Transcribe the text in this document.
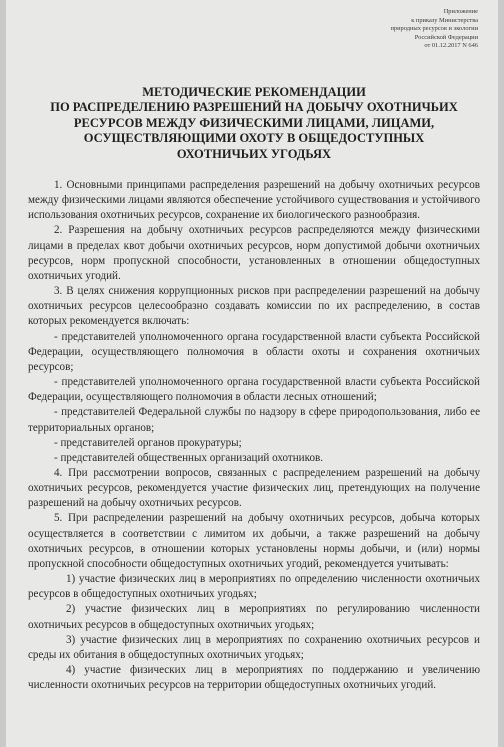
Приложение
к приказу Министерства
природных ресурсов и экологии
Российской Федерации
от 01.12.2017 N 646
МЕТОДИЧЕСКИЕ РЕКОМЕНДАЦИИ
ПО РАСПРЕДЕЛЕНИЮ РАЗРЕШЕНИЙ НА ДОБЫЧУ ОХОТНИЧЬИХ
РЕСУРСОВ МЕЖДУ ФИЗИЧЕСКИМИ ЛИЦАМИ, ЛИЦАМИ,
ОСУЩЕСТВЛЯЮЩИМИ ОХОТУ В ОБЩЕДОСТУПНЫХ
ОХОТНИЧЬИХ УГОДЬЯХ

1. Основными принципами распределения разрешений на добычу охотничьих ресурсов между физическими лицами являются обеспечение устойчивого существования и устойчивого использования охотничьих ресурсов, сохранение их биологического разнообразия.

2. Разрешения на добычу охотничьих ресурсов распределяются между физическими лицами в пределах квот добычи охотничьих ресурсов, норм допустимой добычи охотничьих ресурсов, норм пропускной способности, установленных в отношении общедоступных охотничьих угодий.

3. В целях снижения коррупционных рисков при распределении разрешений на добычу охотничьих ресурсов целесообразно создавать комиссии по их распределению, в состав которых рекомендуется включать:

- представителей уполномоченного органа государственной власти субъекта Российской Федерации, осуществляющего полномочия в области охоты и сохранения охотничьих ресурсов;

- представителей уполномоченного органа государственной власти субъекта Российской Федерации, осуществляющего полномочия в области лесных отношений;

- представителей Федеральной службы по надзору в сфере природопользования, либо ее территориальных органов;

- представителей органов прокуратуры;

- представителей общественных организаций охотников.

4. При рассмотрении вопросов, связанных с распределением разрешений на добычу охотничьих ресурсов, рекомендуется участие физических лиц, претендующих на получение разрешений на добычу охотничьих ресурсов.

5. При распределении разрешений на добычу охотничьих ресурсов, добыча которых осуществляется в соответствии с лимитом их добычи, а также разрешений на добычу охотничьих ресурсов, в отношении которых установлены нормы добычи, и (или) нормы пропускной способности общедоступных охотничьих угодий, рекомендуется учитывать:

1) участие физических лиц в мероприятиях по определению численности охотничьих ресурсов в общедоступных охотничьих угодьях;

2) участие физических лиц в мероприятиях по регулированию численности охотничьих ресурсов в общедоступных охотничьих угодьях;

3) участие физических лиц в мероприятиях по сохранению охотничьих ресурсов и среды их обитания в общедоступных охотничьих угодьях;

4) участие физических лиц в мероприятиях по поддержанию и увеличению численности охотничьих ресурсов на территории общедоступных охотничьих угодий.
